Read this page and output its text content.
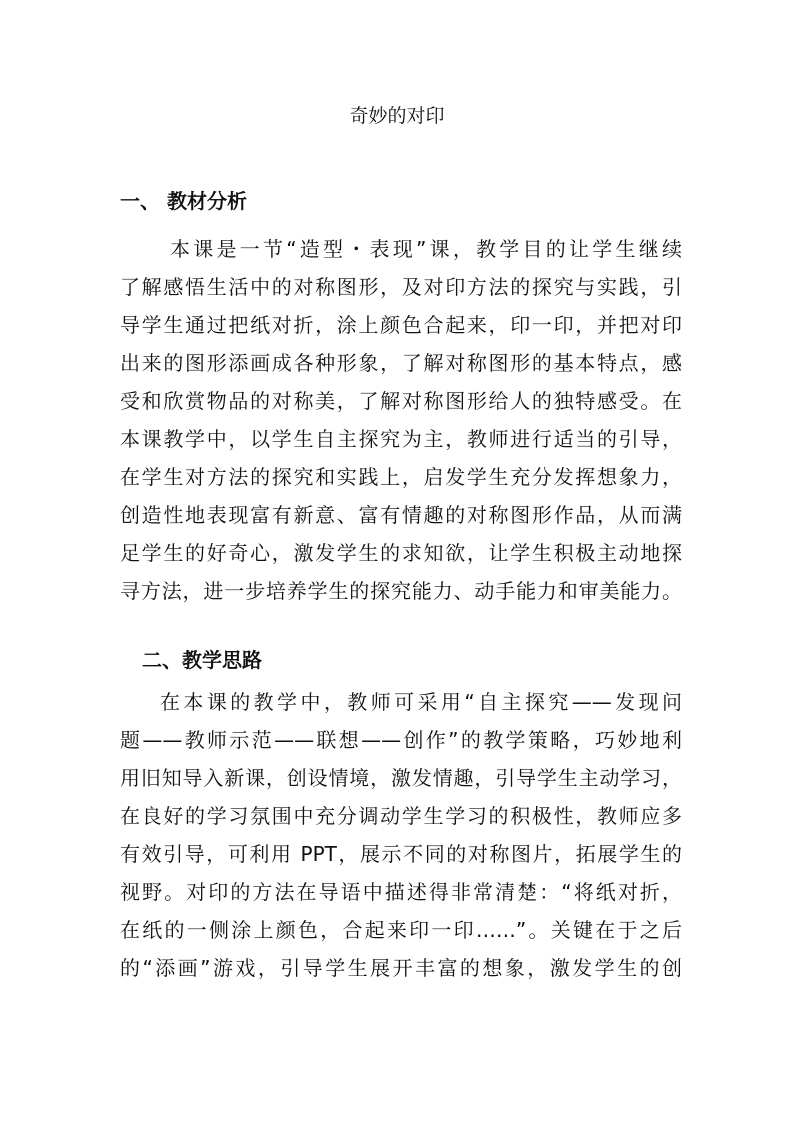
奇妙的对印
一、 教材分析
本课是一节“造型・表现”课，教学目的让学生继续
了解感悟生活中的对称图形，及对印方法的探究与实践，引
导学生通过把纸对折，涂上颜色合起来，印一印，并把对印
出来的图形添画成各种形象，了解对称图形的基本特点，感
受和欣赏物品的对称美，了解对称图形给人的独特感受。在
本课教学中，以学生自主探究为主，教师进行适当的引导，
在学生对方法的探究和实践上，启发学生充分发挥想象力，
创造性地表现富有新意、富有情趣的对称图形作品，从而满
足学生的好奇心，激发学生的求知欲，让学生积极主动地探
寻方法，进一步培养学生的探究能力、动手能力和审美能力。
二、教学思路
在本课的教学中，教师可采用“自主探究——发现问
题——教师示范——联想——创作”的教学策略，巧妙地利
用旧知导入新课，创设情境，激发情趣，引导学生主动学习，
在良好的学习氛围中充分调动学生学习的积极性，教师应多
有效引导，可利用 PPT，展示不同的对称图片，拓展学生的
视野。对印的方法在导语中描述得非常清楚：“将纸对折，
在纸的一侧涂上颜色，合起来印一印……”。关键在于之后
的“添画”游戏，引导学生展开丰富的想象，激发学生的创
